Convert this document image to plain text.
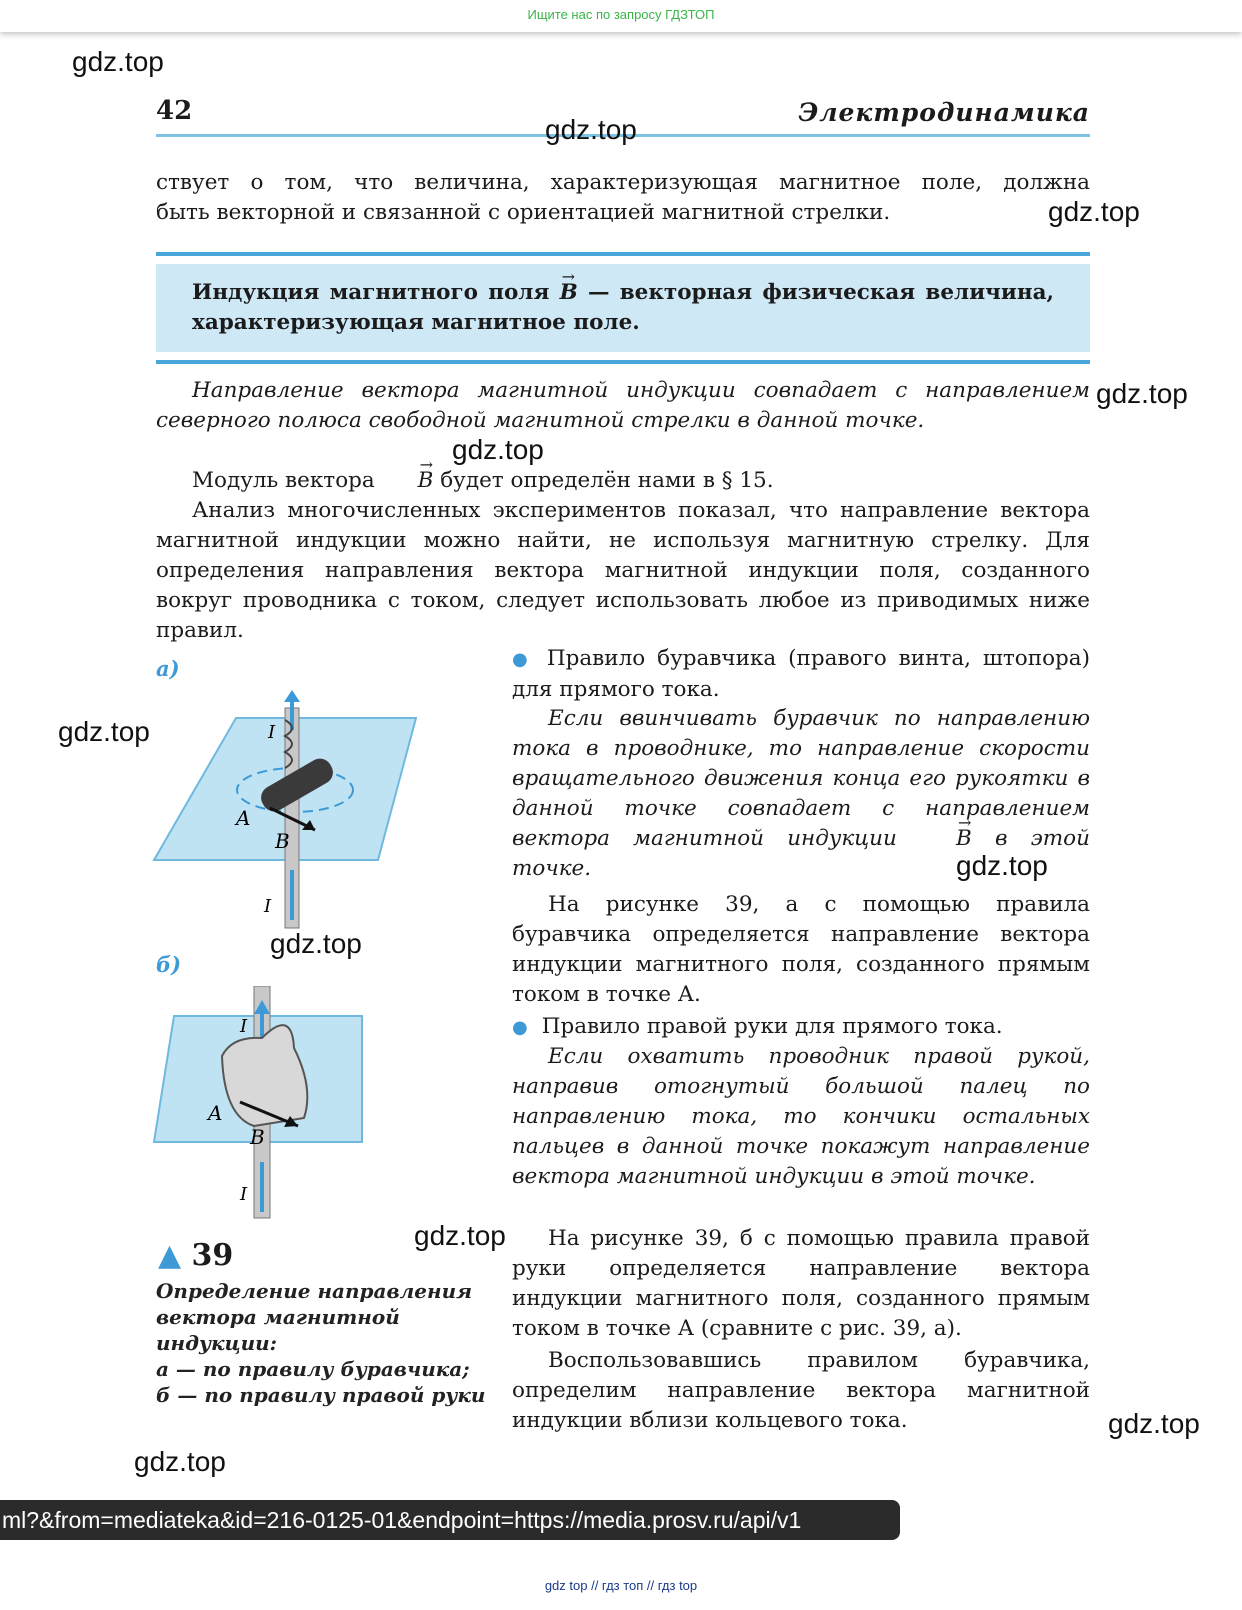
Ищите нас по запросу ГДЗТОП
42	Электродинамика
ствует о том, что величина, характеризующая магнитное поле, должна
быть векторной и связанной с ориентацией магнитной стрелки.
Индукция магнитного поля → B — векторная физическая величина, характеризующая магнитное поле.
Направление вектора магнитной индукции совпадает с направлением северного полюса свободной магнитной стрелки в данной точке.
Модуль вектора → B будет определён нами в § 15.
Анализ многочисленных экспериментов показал, что направление вектора магнитной индукции можно найти, не используя магнитную стрелку. Для определения направления вектора магнитной индукции поля, созданного вокруг проводника с током, следует использовать любое из приводимых ниже правил.
● Правило буравчика (правого винта, штопора) для прямого тока.
Если ввинчивать буравчик по направлению тока в проводнике, то направление скорости вращательного движения конца его рукоятки в данной точке совпадает с направлением вектора магнитной индукции	→ B в этой точке.
На рисунке 39, а с помощью правила буравчика определяется направление вектора индукции магнитного поля, созданного прямым током в точке А.
● Правило правой руки для прямого тока.
Если охватить проводник правой рукой, направив отогнутый большой палец по направлению тока, то кончики остальных пальцев в данной точке покажут направление вектора магнитной индукции в этой точке.
На рисунке 39, б с помощью правила правой руки определяется направление вектора индукции магнитного поля, созданного прямым током в точке А (сравните с рис. 39, а).
Воспользовавшись правилом буравчика, определим направление вектора магнитной индукции вблизи кольцевого тока.
а)
A
B
I
I
б)
A
B
I
I
▲ 39
Определение направления вектора магнитной индукции:
а — по правилу буравчика;
б — по правилу правой руки
gdz.top
gdz.top
gdz.top
gdz.top
gdz.top
gdz.top
gdz.top
gdz.top
gdz.top
gdz.top
gdz.top
ml?&from=mediateka&id=216-0125-01&endpoint=https://media.prosv.ru/api/v1
gdz top // гдз топ // гдз top
